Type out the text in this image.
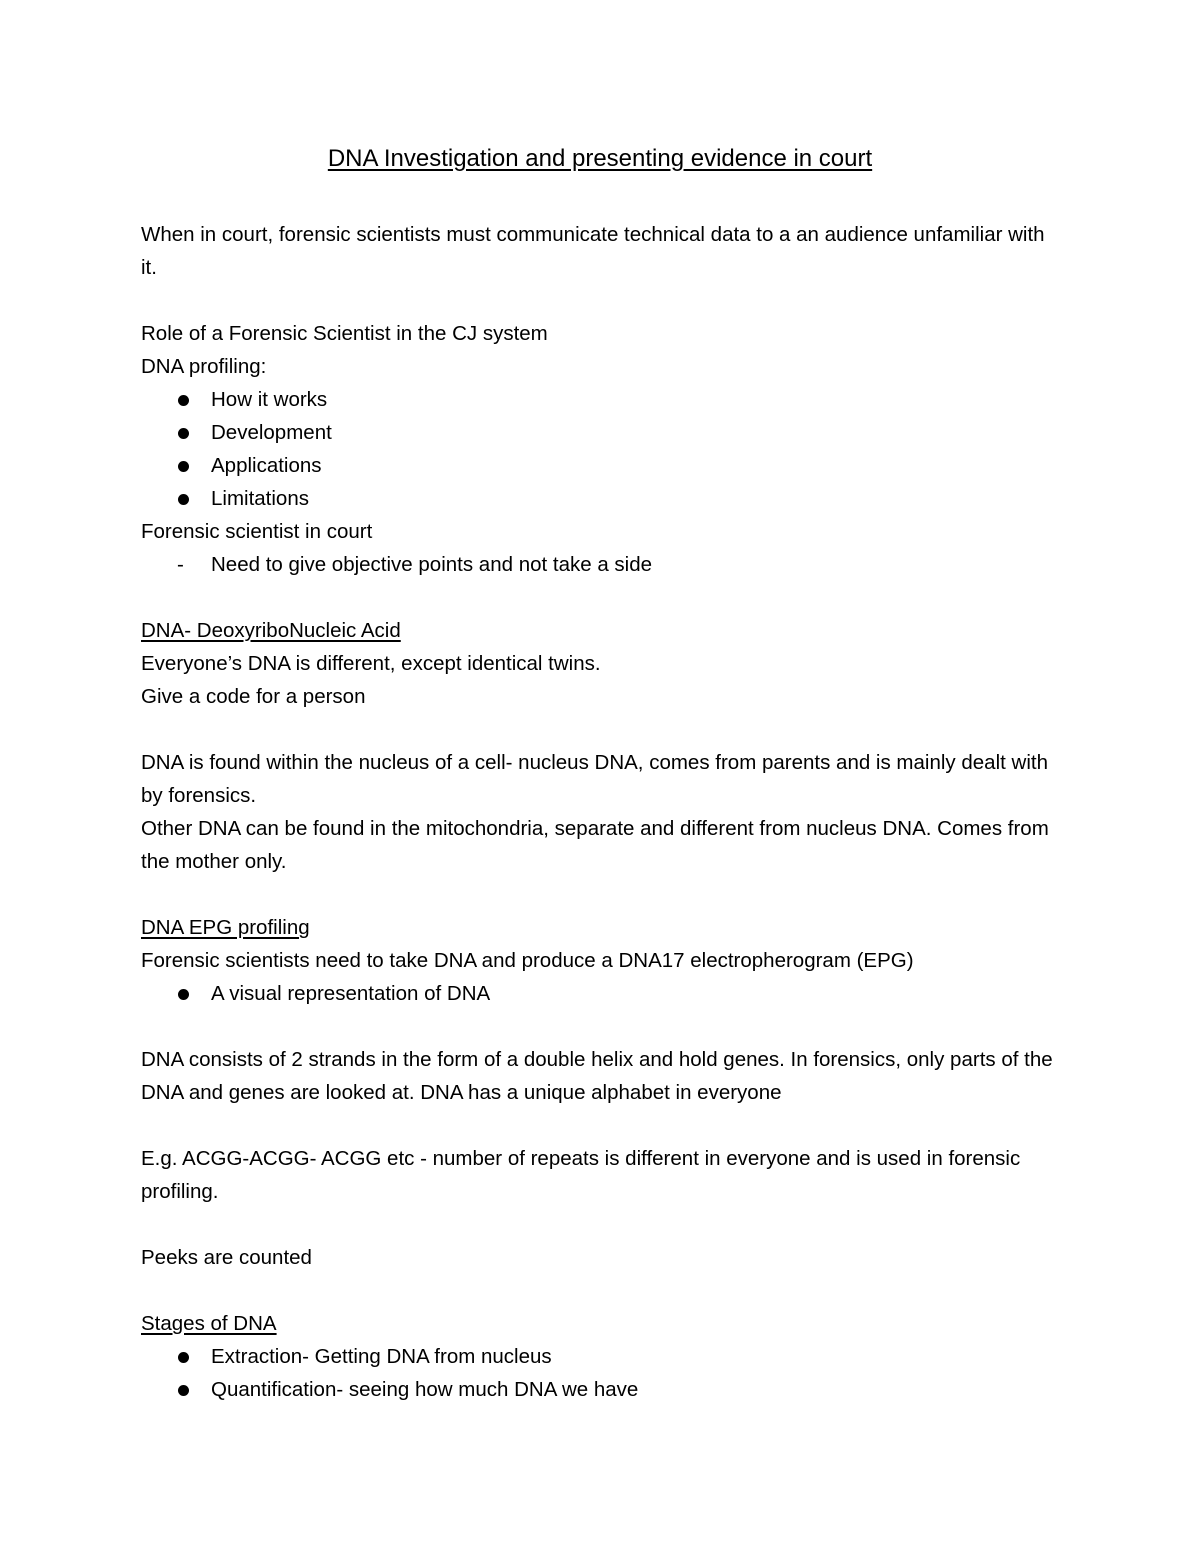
DNA Investigation and presenting evidence in court

When in court, forensic scientists must communicate technical data to a an audience unfamiliar with it.

Role of a Forensic Scientist in the CJ system

DNA profiling:

How it works
Development
Applications
Limitations

Forensic scientist in court

- Need to give objective points and not take a side

DNA- DeoxyriboNucleic Acid

Everyone’s DNA is different, except identical twins.

Give a code for a person

DNA is found within the nucleus of a cell- nucleus DNA, comes from parents and is mainly dealt with by forensics.

Other DNA can be found in the mitochondria, separate and different from nucleus DNA. Comes from the mother only.

DNA EPG profiling

Forensic scientists need to take DNA and produce a DNA17 electropherogram (EPG)

A visual representation of DNA

DNA consists of 2 strands in the form of a double helix and hold genes. In forensics, only parts of the DNA and genes are looked at. DNA has a unique alphabet in everyone

E.g. ACGG-ACGG- ACGG etc - number of repeats is different in everyone and is used in forensic profiling.

Peeks are counted

Stages of DNA

Extraction- Getting DNA from nucleus
Quantification- seeing how much DNA we have
